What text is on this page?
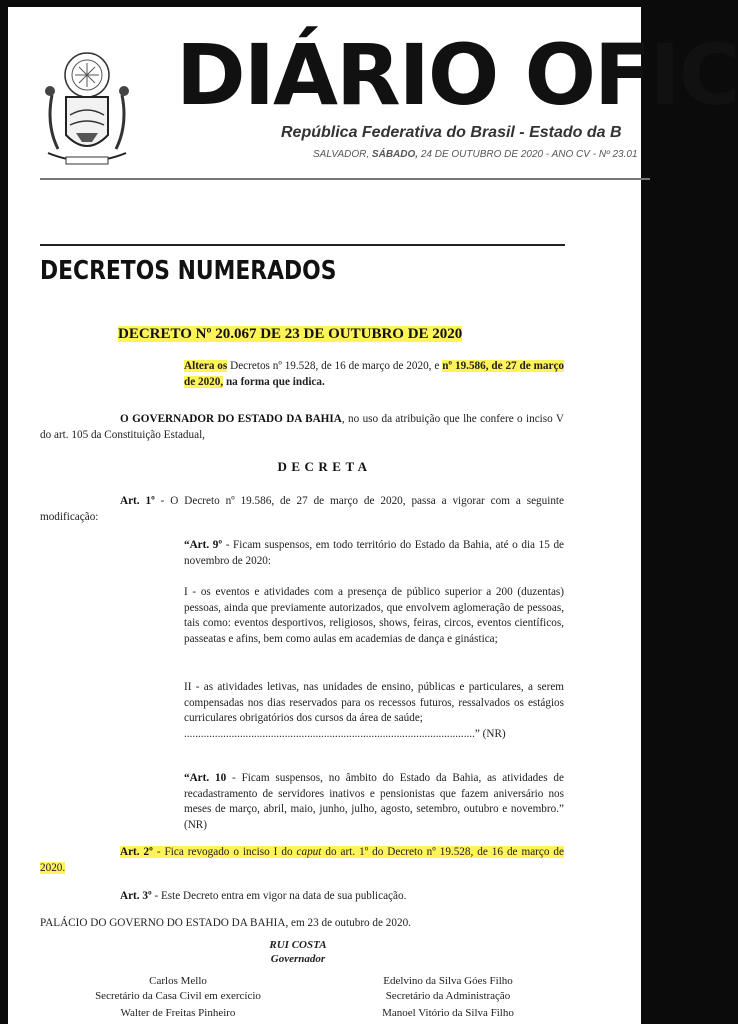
DIÁRIO OFIC
República Federativa do Brasil - Estado da B
SALVADOR, SÁBADO, 24 DE OUTUBRO DE 2020 - ANO CV - Nº 23.01
DECRETOS NUMERADOS
DECRETO Nº 20.067 DE 23 DE OUTUBRO DE 2020
Altera os Decretos nº 19.528, de 16 de março de 2020, e nº 19.586, de 27 de março de 2020, na forma que indica.
O GOVERNADOR DO ESTADO DA BAHIA, no uso da atribuição que lhe confere o inciso V do art. 105 da Constituição Estadual,
DECRETA
Art. 1º - O Decreto nº 19.586, de 27 de março de 2020, passa a vigorar com a seguinte modificação:
“Art. 9º - Ficam suspensos, em todo território do Estado da Bahia, até o dia 15 de novembro de 2020:
I - os eventos e atividades com a presença de público superior a 200 (duzentas) pessoas, ainda que previamente autorizados, que envolvem aglomeração de pessoas, tais como: eventos desportivos, religiosos, shows, feiras, circos, eventos científicos, passeatas e afins, bem como aulas em academias de dança e ginástica;
II - as atividades letivas, nas unidades de ensino, públicas e particulares, a serem compensadas nos dias reservados para os recessos futuros, ressalvados os estágios curriculares obrigatórios dos cursos da área de saúde;
........................................................................................................” (NR)
“Art. 10 - Ficam suspensos, no âmbito do Estado da Bahia, as atividades de recadastramento de servidores inativos e pensionistas que fazem aniversário nos meses de março, abril, maio, junho, julho, agosto, setembro, outubro e novembro.” (NR)
Art. 2º - Fica revogado o inciso I do caput do art. 1º do Decreto nº 19.528, de 16 de março de 2020.
Art. 3º - Este Decreto entra em vigor na data de sua publicação.
PALÁCIO DO GOVERNO DO ESTADO DA BAHIA, em 23 de outubro de 2020.
RUI COSTA
Governador
Carlos Mello
Secretário da Casa Civil em exercício
Walter de Freitas Pinheiro
Edelvino da Silva Góes Filho
Secretário da Administração
Manoel Vitório da Silva Filho
